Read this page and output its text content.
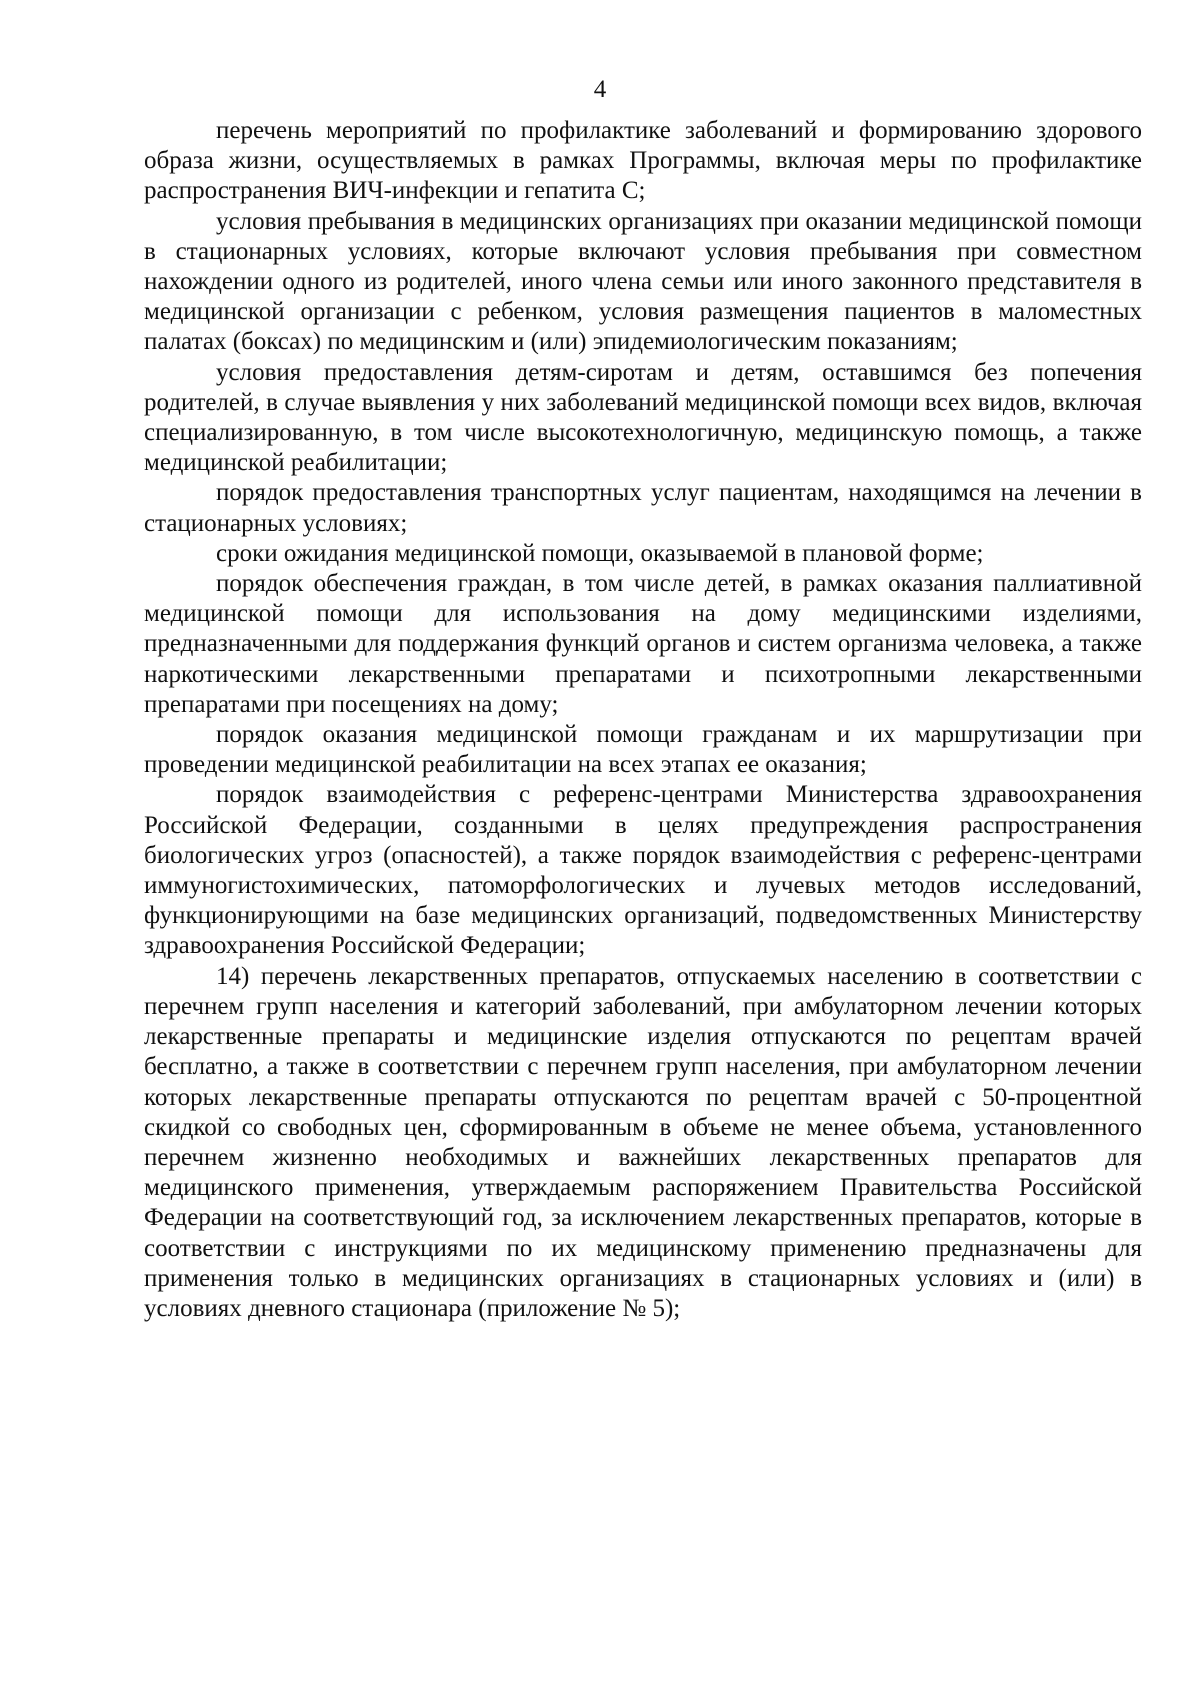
4

перечень мероприятий по профилактике заболеваний и формированию здорового образа жизни, осуществляемых в рамках Программы, включая меры по профилактике распространения ВИЧ-инфекции и гепатита С;

условия пребывания в медицинских организациях при оказании медицинской помощи в стационарных условиях, которые включают условия пребывания при совместном нахождении одного из родителей, иного члена семьи или иного законного представителя в медицинской организации с ребенком, условия размещения пациентов в маломестных палатах (боксах) по медицинским и (или) эпидемиологическим показаниям;

условия предоставления детям-сиротам и детям, оставшимся без попечения родителей, в случае выявления у них заболеваний медицинской помощи всех видов, включая специализированную, в том числе высокотехнологичную, медицинскую помощь, а также медицинской реабилитации;

порядок предоставления транспортных услуг пациентам, находящимся на лечении в стационарных условиях;

сроки ожидания медицинской помощи, оказываемой в плановой форме;

порядок обеспечения граждан, в том числе детей, в рамках оказания паллиативной медицинской помощи для использования на дому медицинскими изделиями, предназначенными для поддержания функций органов и систем организма человека, а также наркотическими лекарственными препаратами и психотропными лекарственными препаратами при посещениях на дому;

порядок оказания медицинской помощи гражданам и их маршрутизации при проведении медицинской реабилитации на всех этапах ее оказания;

порядок взаимодействия с референс-центрами Министерства здравоохранения Российской Федерации, созданными в целях предупреждения распространения биологических угроз (опасностей), а также порядок взаимодействия с референс-центрами иммуногистохимических, патоморфологических и лучевых методов исследований, функционирующими на базе медицинских организаций, подведомственных Министерству здравоохранения Российской Федерации;

14) перечень лекарственных препаратов, отпускаемых населению в соответствии с перечнем групп населения и категорий заболеваний, при амбулаторном лечении которых лекарственные препараты и медицинские изделия отпускаются по рецептам врачей бесплатно, а также в соответствии с перечнем групп населения, при амбулаторном лечении которых лекарственные препараты отпускаются по рецептам врачей с 50-процентной скидкой со свободных цен, сформированным в объеме не менее объема, установленного перечнем жизненно необходимых и важнейших лекарственных препаратов для медицинского применения, утверждаемым распоряжением Правительства Российской Федерации на соответствующий год, за исключением лекарственных препаратов, которые в соответствии с инструкциями по их медицинскому применению предназначены для применения только в медицинских организациях в стационарных условиях и (или) в условиях дневного стационара (приложение № 5);
